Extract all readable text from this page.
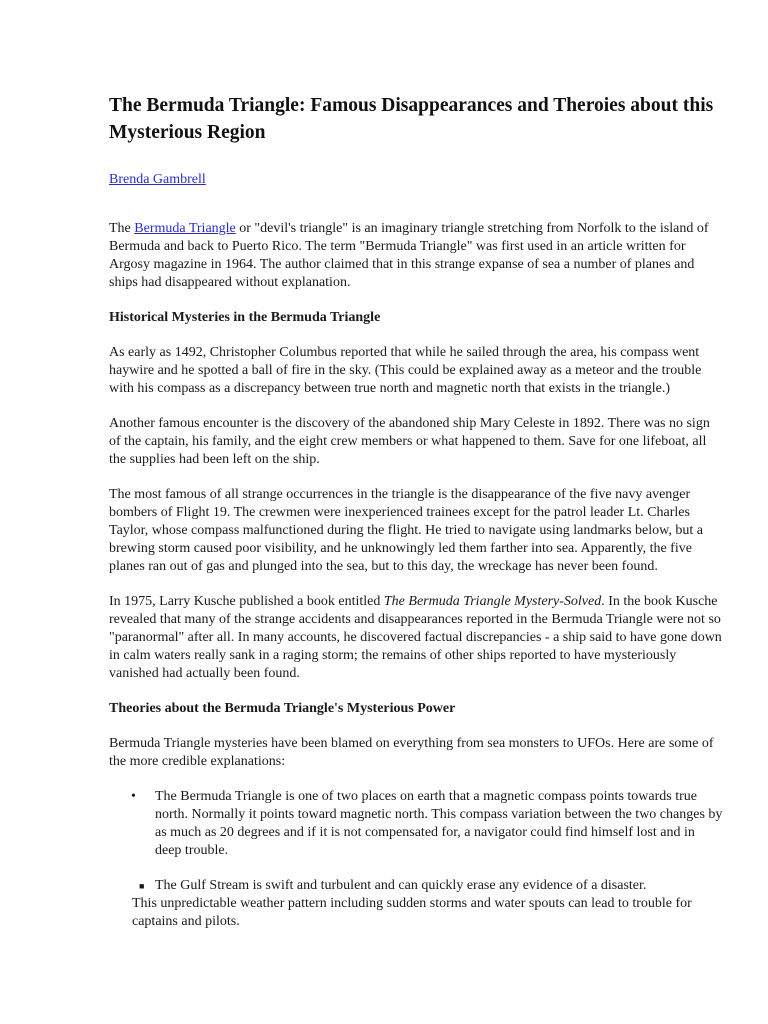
The Bermuda Triangle: Famous Disappearances and Theroies about this Mysterious Region
Brenda Gambrell

The Bermuda Triangle or "devil's triangle" is an imaginary triangle stretching from Norfolk to the island of Bermuda and back to Puerto Rico. The term "Bermuda Triangle" was first used in an article written for Argosy magazine in 1964. The author claimed that in this strange expanse of sea a number of planes and ships had disappeared without explanation.

Historical Mysteries in the Bermuda Triangle

As early as 1492, Christopher Columbus reported that while he sailed through the area, his compass went haywire and he spotted a ball of fire in the sky. (This could be explained away as a meteor and the trouble with his compass as a discrepancy between true north and magnetic north that exists in the triangle.)

Another famous encounter is the discovery of the abandoned ship Mary Celeste in 1892. There was no sign of the captain, his family, and the eight crew members or what happened to them. Save for one lifeboat, all the supplies had been left on the ship.

The most famous of all strange occurrences in the triangle is the disappearance of the five navy avenger bombers of Flight 19. The crewmen were inexperienced trainees except for the patrol leader Lt. Charles Taylor, whose compass malfunctioned during the flight. He tried to navigate using landmarks below, but a brewing storm caused poor visibility, and he unknowingly led them farther into sea. Apparently, the five planes ran out of gas and plunged into the sea, but to this day, the wreckage has never been found.

In 1975, Larry Kusche published a book entitled The Bermuda Triangle Mystery-Solved. In the book Kusche revealed that many of the strange accidents and disappearances reported in the Bermuda Triangle were not so "paranormal" after all. In many accounts, he discovered factual discrepancies - a ship said to have gone down in calm waters really sank in a raging storm; the remains of other ships reported to have mysteriously vanished had actually been found.

Theories about the Bermuda Triangle's Mysterious Power

Bermuda Triangle mysteries have been blamed on everything from sea monsters to UFOs. Here are some of the more credible explanations:

• The Bermuda Triangle is one of two places on earth that a magnetic compass points towards true north. Normally it points toward magnetic north. This compass variation between the two changes by as much as 20 degrees and if it is not compensated for, a navigator could find himself lost and in deep trouble.
■ The Gulf Stream is swift and turbulent and can quickly erase any evidence of a disaster.
This unpredictable weather pattern including sudden storms and water spouts can lead to trouble for captains and pilots.
